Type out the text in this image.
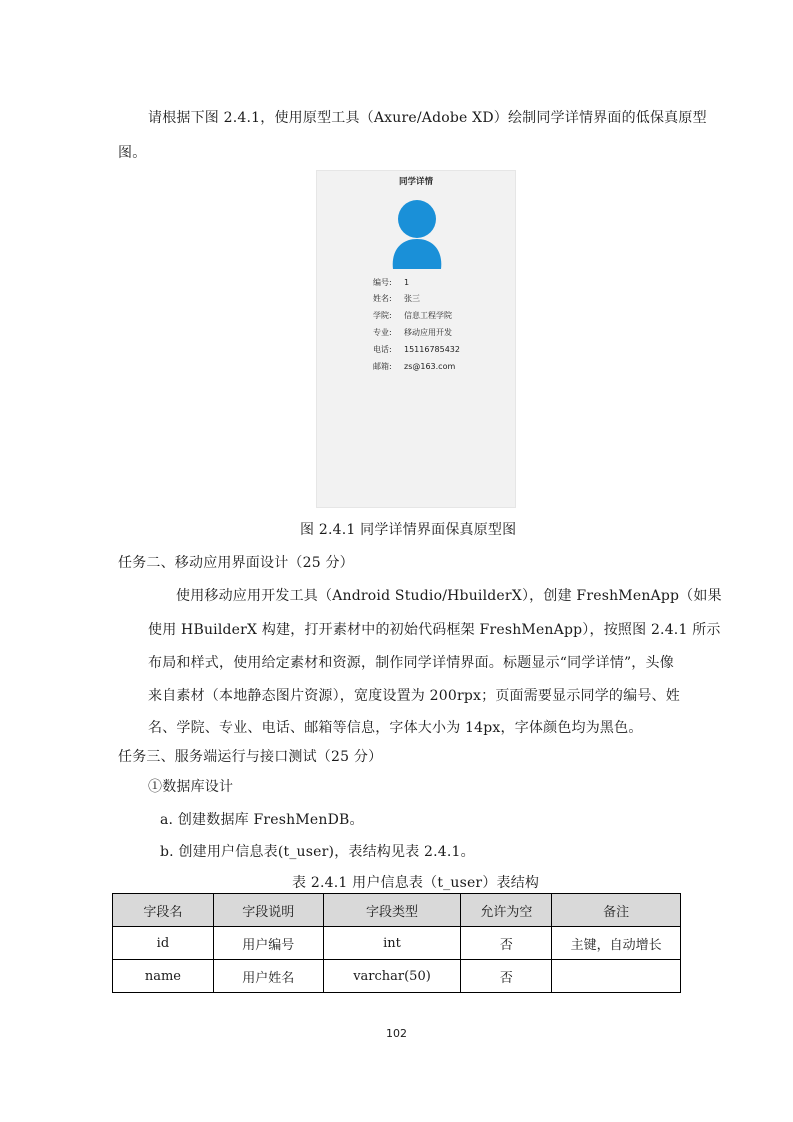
请根据下图 2.4.1，使用原型工具（Axure/Adobe XD）绘制同学详情界面的低保真原型
图。
同学详情
编号: 1
姓名: 张三
学院: 信息工程学院
专业: 移动应用开发
电话: 15116785432
邮箱: zs@163.com
图 2.4.1 同学详情界面保真原型图
任务二、移动应用界面设计（25 分）
使用移动应用开发工具（Android Studio/HbuilderX），创建 FreshMenApp（如果
使用 HBuilderX 构建，打开素材中的初始代码框架 FreshMenApp），按照图 2.4.1 所示
布局和样式，使用给定素材和资源，制作同学详情界面。标题显示“同学详情”，头像
来自素材（本地静态图片资源），宽度设置为 200rpx；页面需要显示同学的编号、姓
名、学院、专业、电话、邮箱等信息，字体大小为 14px，字体颜色均为黑色。
任务三、服务端运行与接口测试（25 分）
①数据库设计
a. 创建数据库 FreshMenDB。
b. 创建用户信息表(t_user)，表结构见表 2.4.1。
表 2.4.1 用户信息表（t_user）表结构
字段名	字段说明	字段类型	允许为空	备注
id	用户编号	int	否	主键，自动增长
name	用户姓名	varchar(50)	否	
102
